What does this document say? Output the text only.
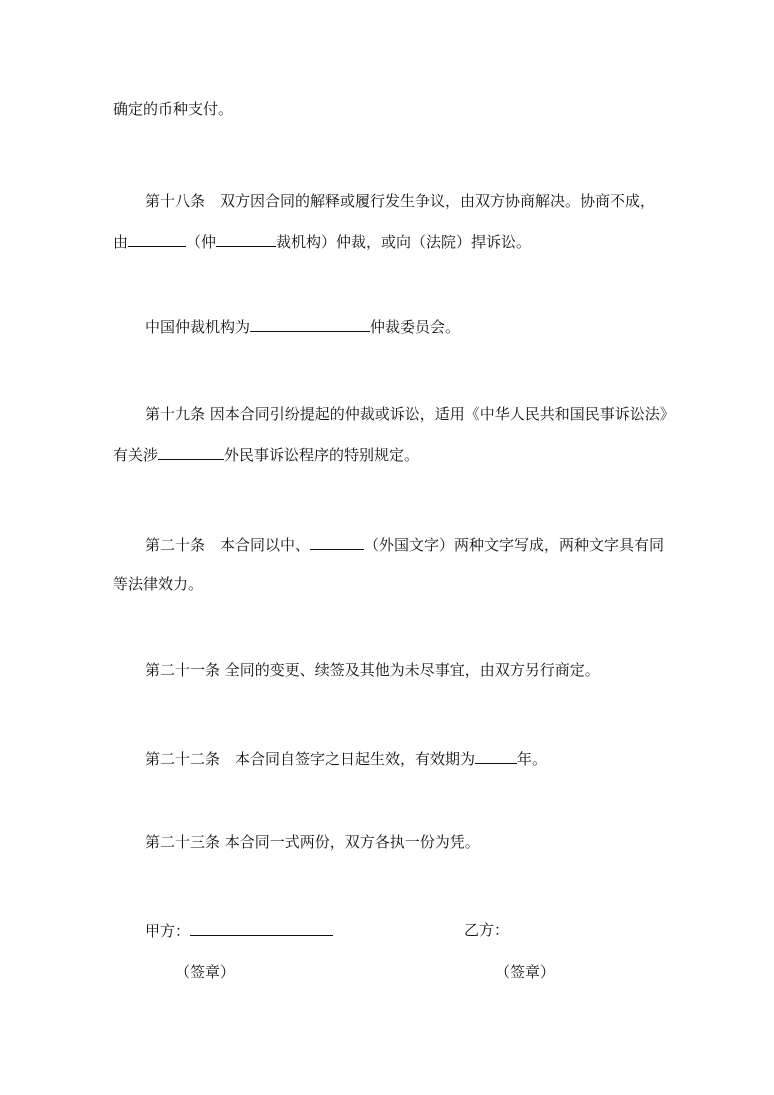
确定的币种支付。
第十八条　双方因合同的解释或履行发生争议，由双方协商解决。协商不成，
由	（仲	裁机构）仲裁，或向（法院）捍诉讼。
中国仲裁机构为	仲裁委员会。
第十九条 因本合同引纷提起的仲裁或诉讼，适用《中华人民共和国民事诉讼法》
有关涉	外民事诉讼程序的特别规定。
第二十条　本合同以中、	（外国文字）两种文字写成，两种文字具有同
等法律效力。
第二十一条 全同的变更、续签及其他为未尽事宜，由双方另行商定。
第二十二条　本合同自签字之日起生效，有效期为	年。
第二十三条 本合同一式两份，双方各执一份为凭。
甲方：	乙方：
（签章）	（签章）
